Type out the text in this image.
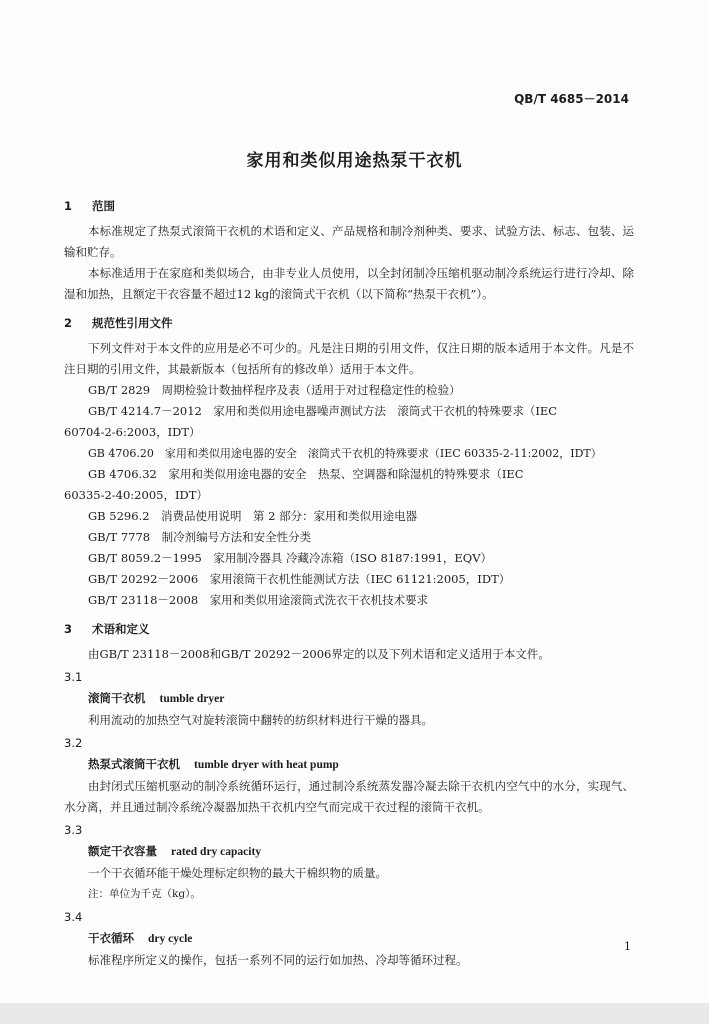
QB/T 4685－2014
家用和类似用途热泵干衣机
1 范围
本标准规定了热泵式滚筒干衣机的术语和定义、产品规格和制冷剂种类、要求、试验方法、标志、包装、运输和贮存。
本标准适用于在家庭和类似场合，由非专业人员使用，以全封闭制冷压缩机驱动制冷系统运行进行冷却、除湿和加热，且额定干衣容量不超过12 kg的滚筒式干衣机（以下简称“热泵干衣机”）。
2 规范性引用文件
下列文件对于本文件的应用是必不可少的。凡是注日期的引用文件，仅注日期的版本适用于本文件。凡是不注日期的引用文件，其最新版本（包括所有的修改单）适用于本文件。
GB/T 2829　周期检验计数抽样程序及表（适用于对过程稳定性的检验）
GB/T 4214.7－2012　家用和类似用途电器噪声测试方法　滚筒式干衣机的特殊要求（IEC
60704-2-6:2003，IDT）
GB 4706.20　家用和类似用途电器的安全　滚筒式干衣机的特殊要求（IEC 60335-2-11:2002，IDT）
GB 4706.32　家用和类似用途电器的安全　热泵、空调器和除湿机的特殊要求（IEC
60335-2-40:2005，IDT）
GB 5296.2　消费品使用说明　第 2 部分：家用和类似用途电器
GB/T 7778　制冷剂编号方法和安全性分类
GB/T 8059.2－1995　家用制冷器具 冷藏冷冻箱（ISO 8187:1991，EQV）
GB/T 20292－2006　家用滚筒干衣机性能测试方法（IEC 61121:2005，IDT）
GB/T 23118－2008　家用和类似用途滚筒式洗衣干衣机技术要求
3 术语和定义
由GB/T 23118－2008和GB/T 20292－2006界定的以及下列术语和定义适用于本文件。
3.1
滚筒干衣机 tumble dryer
利用流动的加热空气对旋转滚筒中翻转的纺织材料进行干燥的器具。
3.2
热泵式滚筒干衣机 tumble dryer with heat pump
由封闭式压缩机驱动的制冷系统循环运行，通过制冷系统蒸发器冷凝去除干衣机内空气中的水分，实现气、水分离，并且通过制冷系统冷凝器加热干衣机内空气而完成干衣过程的滚筒干衣机。
3.3
额定干衣容量 rated dry capacity
一个干衣循环能干燥处理标定织物的最大干棉织物的质量。
注：单位为千克（kg）。
3.4
干衣循环 dry cycle
标准程序所定义的操作，包括一系列不同的运行如加热、冷却等循环过程。
1
